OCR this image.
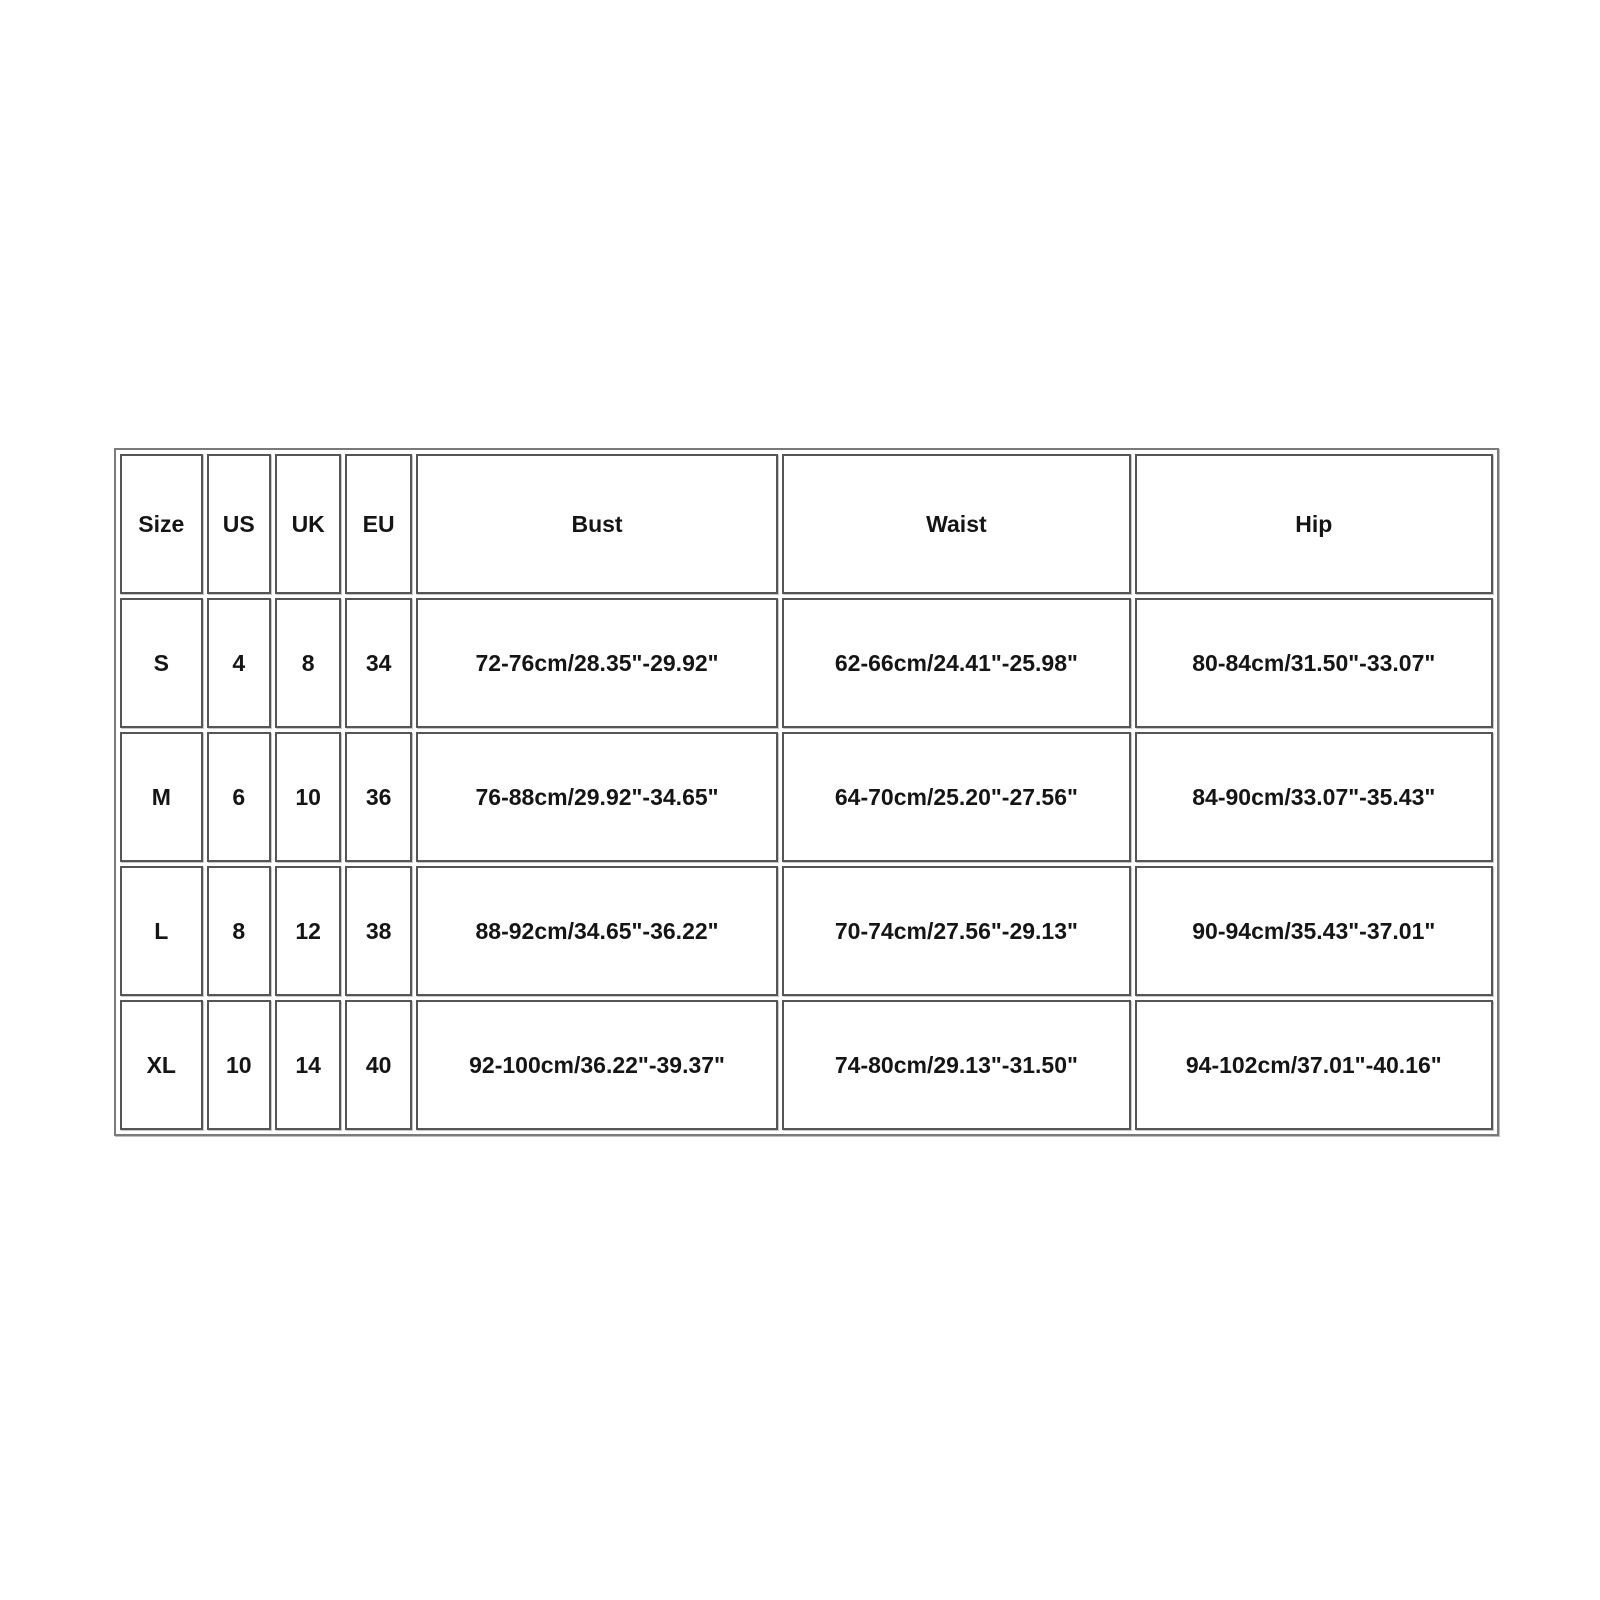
Size	US	UK	EU	Bust	Waist	Hip
S	4	8	34	72-76cm/28.35"-29.92"	62-66cm/24.41"-25.98"	80-84cm/31.50"-33.07"
M	6	10	36	76-88cm/29.92"-34.65"	64-70cm/25.20"-27.56"	84-90cm/33.07"-35.43"
L	8	12	38	88-92cm/34.65"-36.22"	70-74cm/27.56"-29.13"	90-94cm/35.43"-37.01"
XL	10	14	40	92-100cm/36.22"-39.37"	74-80cm/29.13"-31.50"	94-102cm/37.01"-40.16"
